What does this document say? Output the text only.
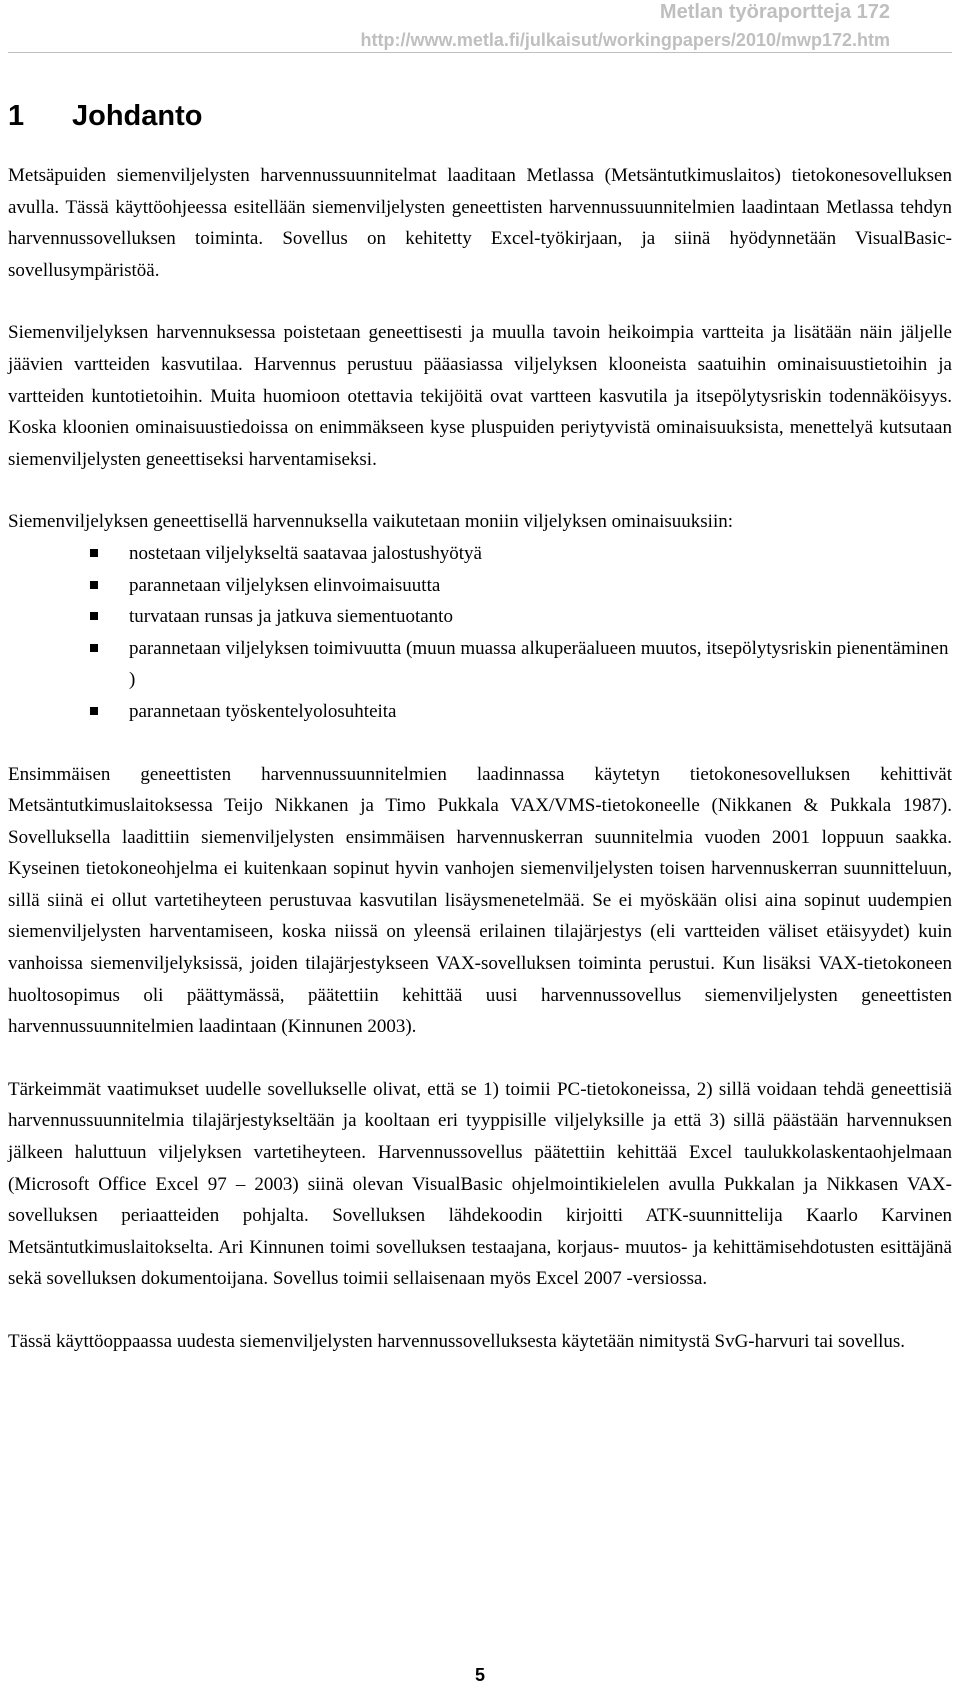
Metlan työraportteja 172
http://www.metla.fi/julkaisut/workingpapers/2010/mwp172.htm
1 Johdanto

Metsäpuiden siemenviljelysten harvennussuunnitelmat laaditaan Metlassa (Metsäntutkimuslaitos) tietokonesovelluksen avulla. Tässä käyttöohjeessa esitellään siemenviljelysten geneettisten harvennussuunnitelmien laadintaan Metlassa tehdyn harvennussovelluksen toiminta. Sovellus on kehitetty Excel-työkirjaan, ja siinä hyödynnetään VisualBasic-sovellusympäristöä.

Siemenviljelyksen harvennuksessa poistetaan geneettisesti ja muulla tavoin heikoimpia vartteita ja lisätään näin jäljelle jäävien vartteiden kasvutilaa. Harvennus perustuu pääasiassa viljelyksen klooneista saatuihin ominaisuustietoihin ja vartteiden kuntotietoihin. Muita huomioon otettavia tekijöitä ovat vartteen kasvutila ja itsepölytysriskin todennäköisyys. Koska kloonien ominaisuustiedoissa on enimmäkseen kyse pluspuiden periytyvistä ominaisuuksista, menettelyä kutsutaan siemenviljelysten geneettiseksi harventamiseksi.

Siemenviljelyksen geneettisellä harvennuksella vaikutetaan moniin viljelyksen ominaisuuksiin:

nostetaan viljelykseltä saatavaa jalostushyötyä
parannetaan viljelyksen elinvoimaisuutta
turvataan runsas ja jatkuva siementuotanto
parannetaan viljelyksen toimivuutta (muun muassa alkuperäalueen muutos, itsepölytysriskin pienentäminen )
parannetaan työskentelyolosuhteita

Ensimmäisen geneettisten harvennussuunnitelmien laadinnassa käytetyn tietokonesovelluksen kehittivät Metsäntutkimuslaitoksessa Teijo Nikkanen ja Timo Pukkala VAX/VMS-tietokoneelle (Nikkanen & Pukkala 1987). Sovelluksella laadittiin siemenviljelysten ensimmäisen harvennuskerran suunnitelmia vuoden 2001 loppuun saakka. Kyseinen tietokoneohjelma ei kuitenkaan sopinut hyvin vanhojen siemenviljelysten toisen harvennuskerran suunnitteluun, sillä siinä ei ollut vartetiheyteen perustuvaa kasvutilan lisäysmenetelmää. Se ei myöskään olisi aina sopinut uudempien siemenviljelysten harventamiseen, koska niissä on yleensä erilainen tilajärjestys (eli vartteiden väliset etäisyydet) kuin vanhoissa siemenviljelyksissä, joiden tilajärjestykseen VAX-sovelluksen toiminta perustui. Kun lisäksi VAX-tietokoneen huoltosopimus oli päättymässä, päätettiin kehittää uusi harvennussovellus siemenviljelysten geneettisten harvennussuunnitelmien laadintaan (Kinnunen 2003).

Tärkeimmät vaatimukset uudelle sovellukselle olivat, että se 1) toimii PC-tietokoneissa, 2) sillä voidaan tehdä geneettisiä harvennussuunnitelmia tilajärjestykseltään ja kooltaan eri tyyppisille viljelyksille ja että 3) sillä päästään harvennuksen jälkeen haluttuun viljelyksen vartetiheyteen. Harvennussovellus päätettiin kehittää Excel taulukkolaskentaohjelmaan (Microsoft Office Excel 97 – 2003) siinä olevan VisualBasic ohjelmointikielelen avulla Pukkalan ja Nikkasen VAX-sovelluksen periaatteiden pohjalta. Sovelluksen lähdekoodin kirjoitti ATK-suunnittelija Kaarlo Karvinen Metsäntutkimuslaitokselta. Ari Kinnunen toimi sovelluksen testaajana, korjaus- muutos- ja kehittämisehdotusten esittäjänä sekä sovelluksen dokumentoijana. Sovellus toimii sellaisenaan myös Excel 2007 -versiossa.

Tässä käyttöoppaassa uudesta siemenviljelysten harvennussovelluksesta käytetään nimitystä SvG-harvuri tai sovellus.

5
